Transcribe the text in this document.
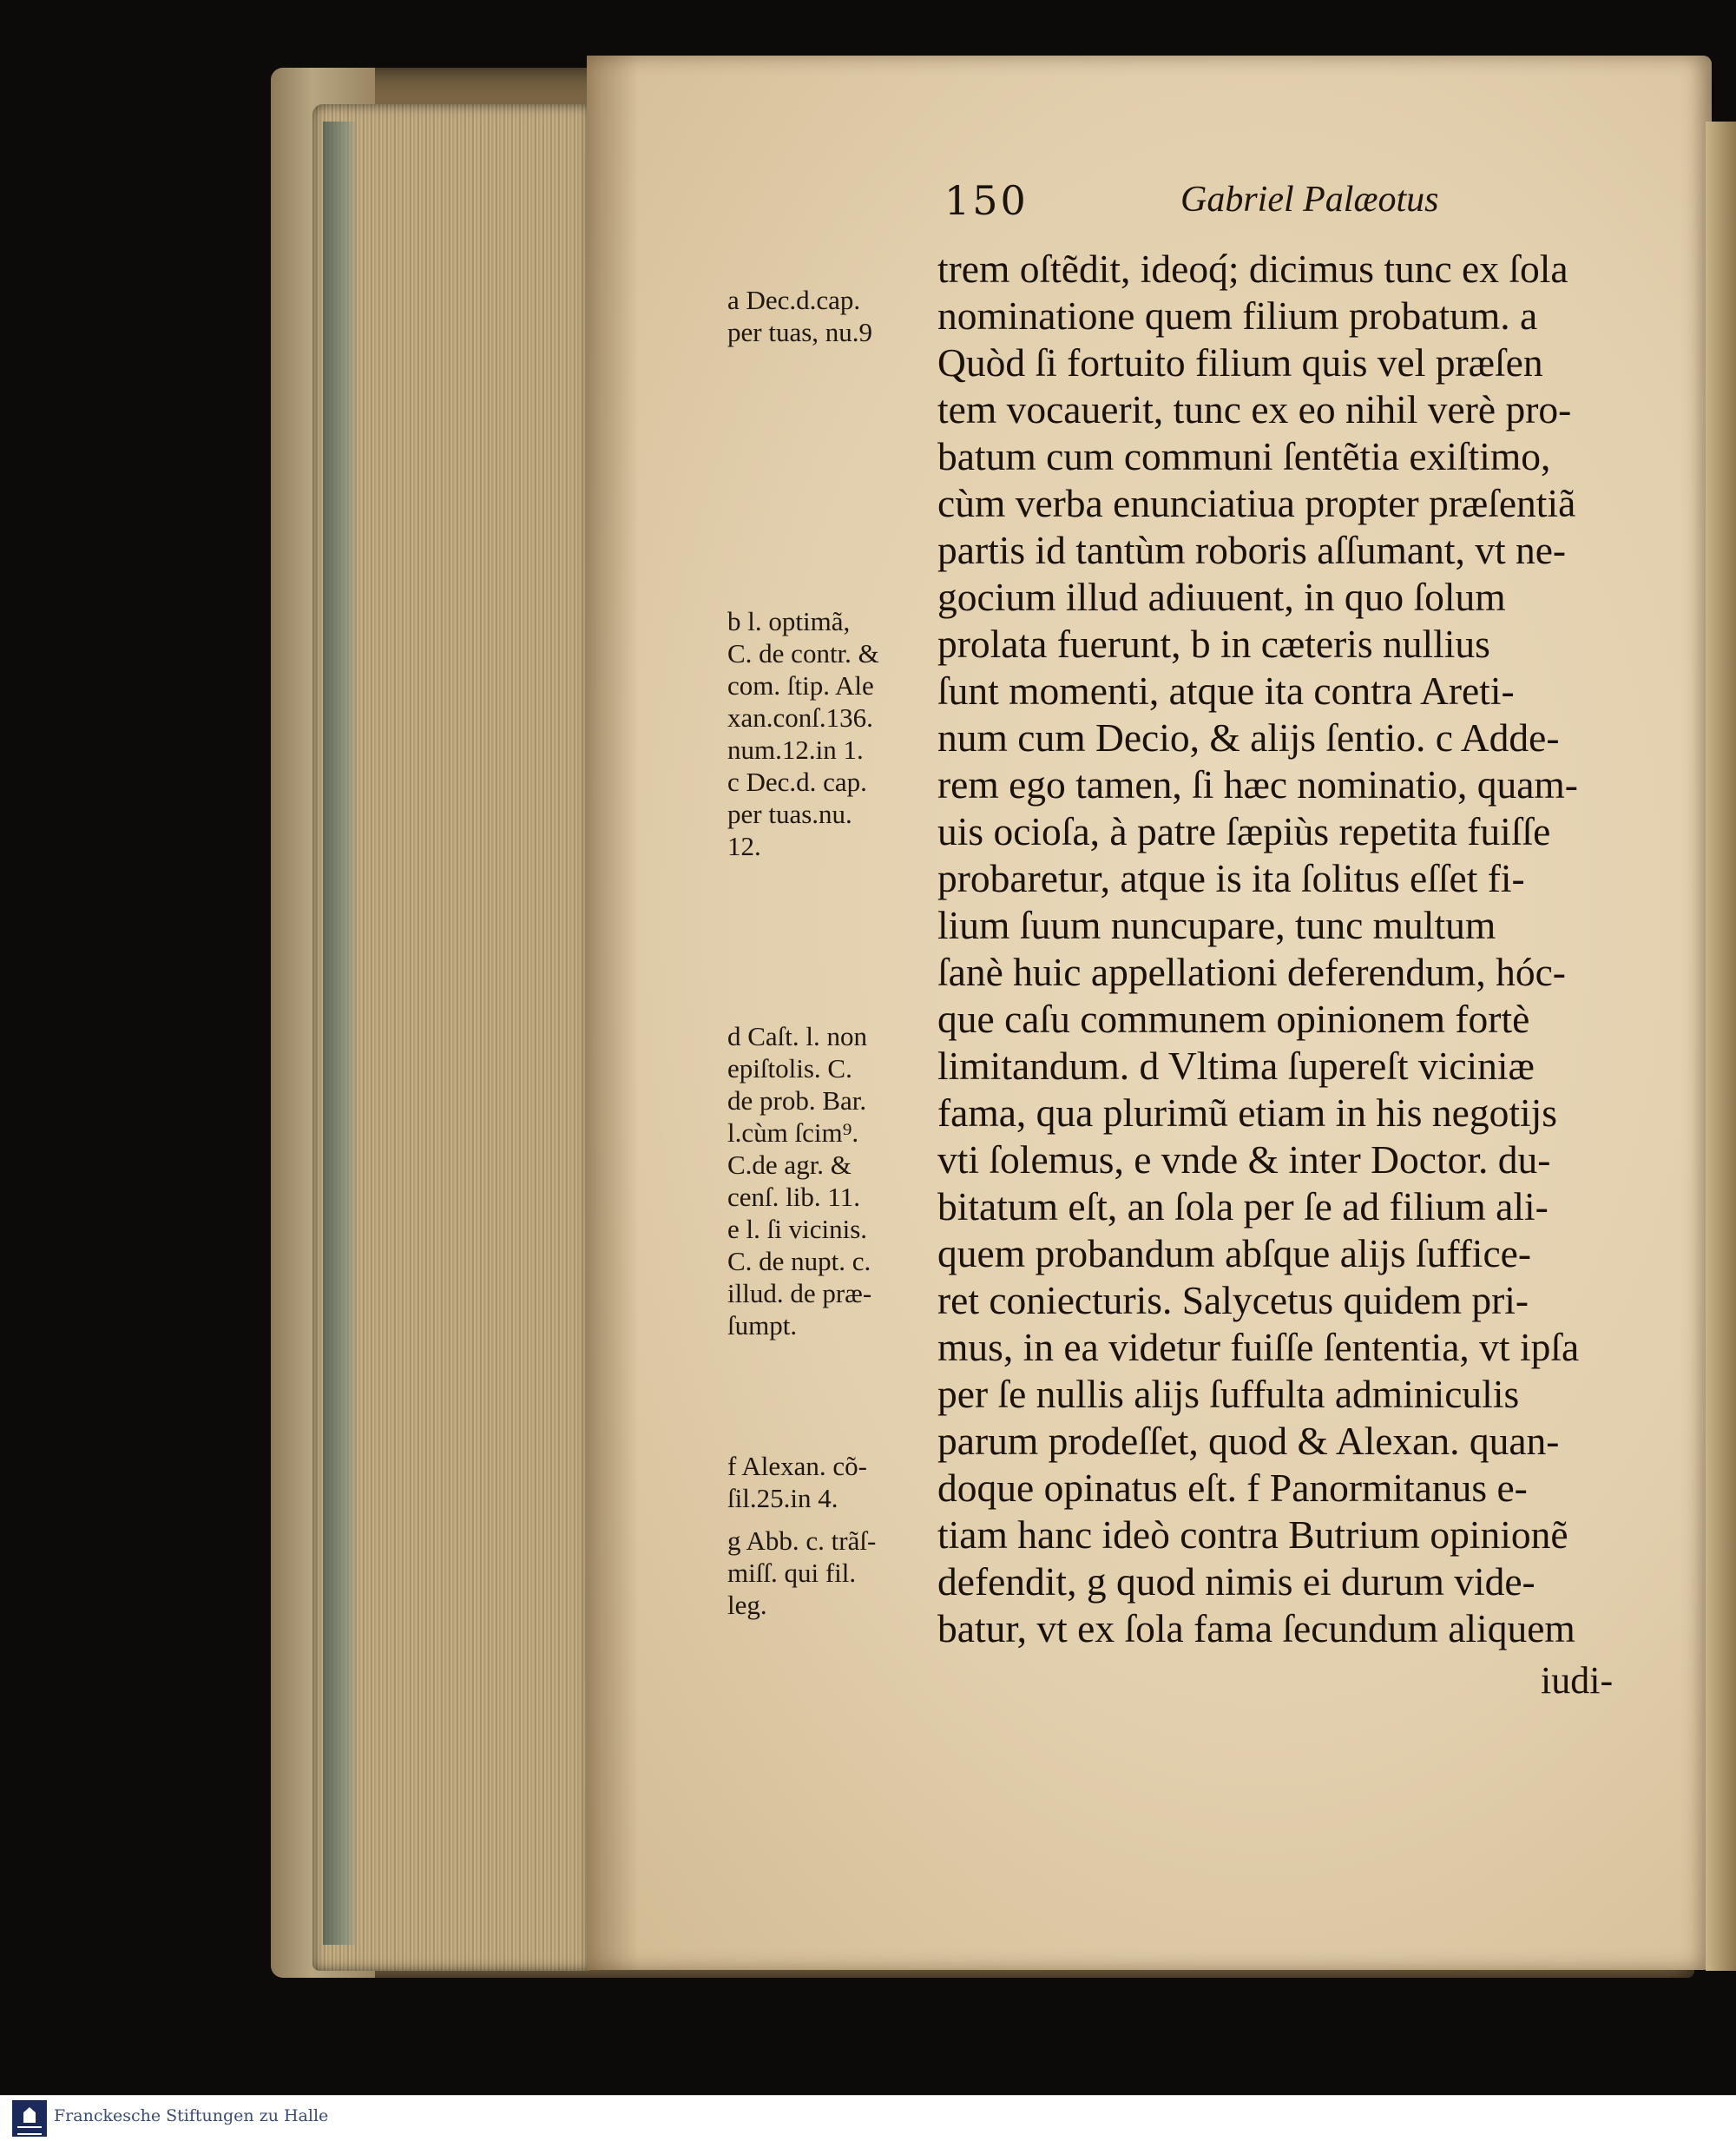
150	Gabriel Palæotus
trem oſtẽdit, ideoq́; dicimus tunc ex ſola
nominatione quem filium probatum. a
Quòd ſi fortuito filium quis vel præſen
tem vocauerit, tunc ex eo nihil verè pro-
batum cum communi ſentẽtia exiſtimo,
cùm verba enunciatiua propter præſentiã
partis id tantùm roboris aſſumant, vt ne-
gocium illud adiuuent, in quo ſolum
prolata fuerunt, b in cæteris nullius
ſunt momenti, atque ita contra Areti-
num cum Decio, & alijs ſentio. c Adde-
rem ego tamen, ſi hæc nominatio, quam-
uis ocioſa, à patre ſæpiùs repetita fuiſſe
probaretur, atque is ita ſolitus eſſet fi-
lium ſuum nuncupare, tunc multum
ſanè huic appellationi deferendum, hóc-
que caſu communem opinionem fortè
limitandum. d Vltima ſupereſt viciniæ
fama, qua plurimũ etiam in his negotijs
vti ſolemus, e vnde & inter Doctor. du-
bitatum eſt, an ſola per ſe ad filium ali-
quem probandum abſque alijs ſuffice-
ret coniecturis. Salycetus quidem pri-
mus, in ea videtur fuiſſe ſententia, vt ipſa
per ſe nullis alijs ſuffulta adminiculis
parum prodeſſet, quod & Alexan. quan-
doque opinatus eſt. f Panormitanus e-
tiam hanc ideò contra Butrium opinionẽ
defendit, g quod nimis ei durum vide-
batur, vt ex ſola fama ſecundum aliquem
iudi-
a Dec.d.cap.
per tuas, nu.9
b l. optimã,
C. de contr. &
com. ſtip. Ale
xan.conſ.136.
num.12.in 1.
c Dec.d. cap.
per tuas.nu.
12.
d Caſt. l. non
epiſtolis. C.
de prob. Bar.
l.cùm ſcim⁹.
C.de agr. &
cenſ. lib. 11.
e l. ſi vicinis.
C. de nupt. c.
illud. de præ-
ſumpt.
f Alexan. cõ-
ſil.25.in 4.
g Abb. c. trãſ-
miſſ. qui fil.
leg.
Franckesche Stiftungen zu Halle
